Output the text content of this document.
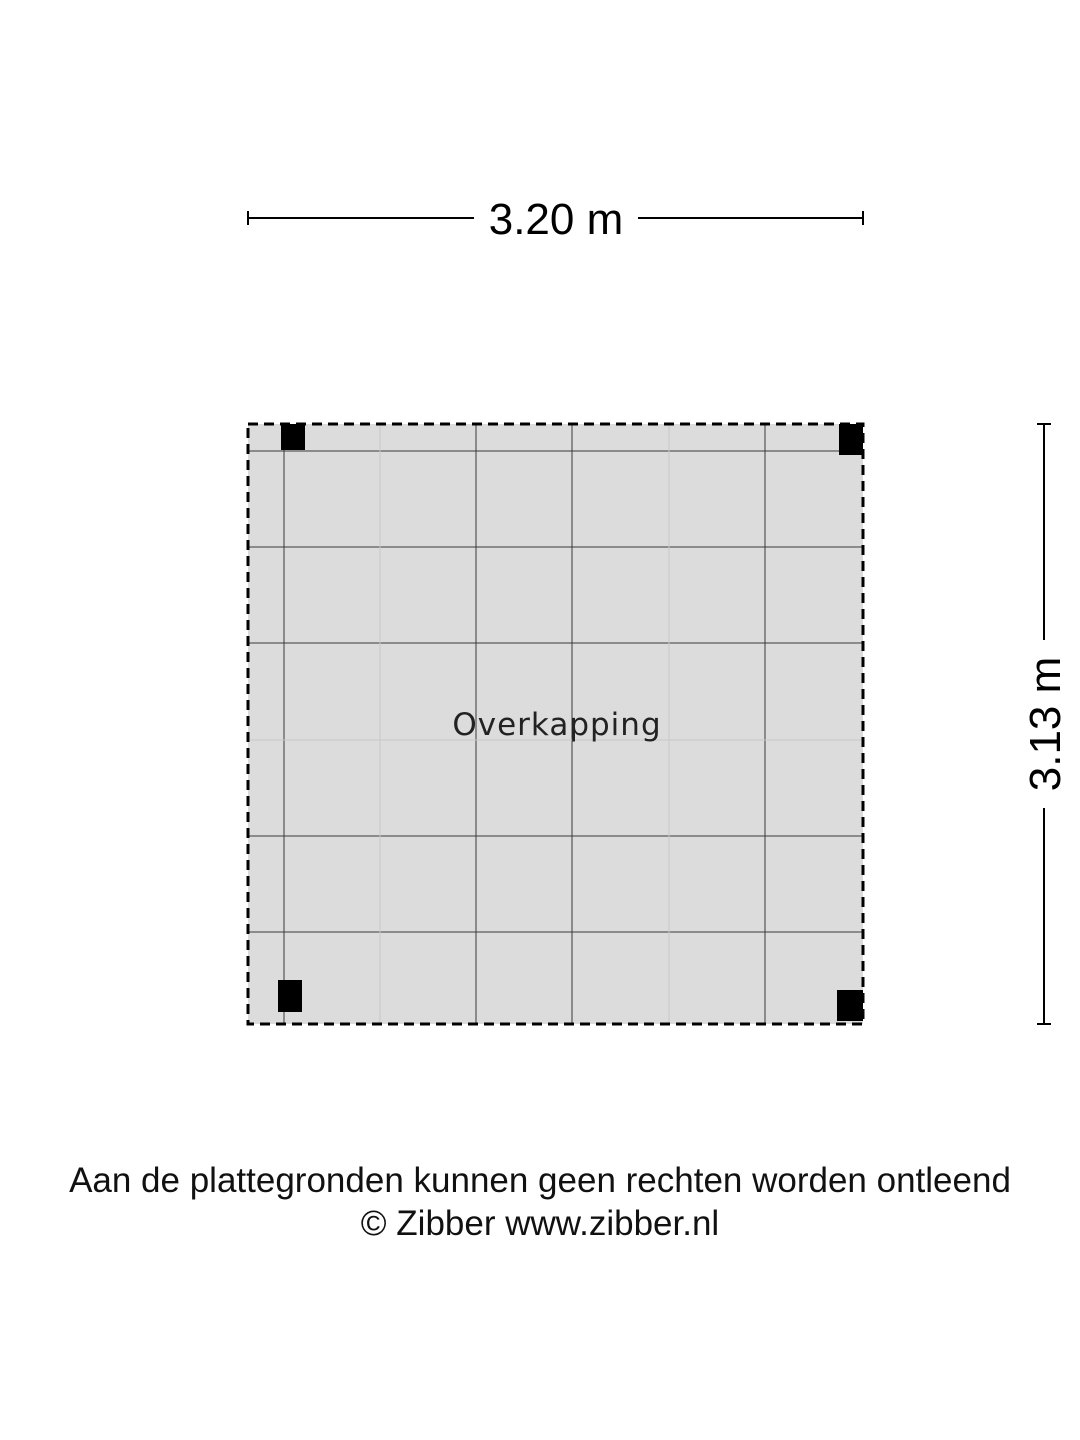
3.20 m
3.13 m
Overkapping
Aan de plattegronden kunnen geen rechten worden ontleend
© Zibber www.zibber.nl
